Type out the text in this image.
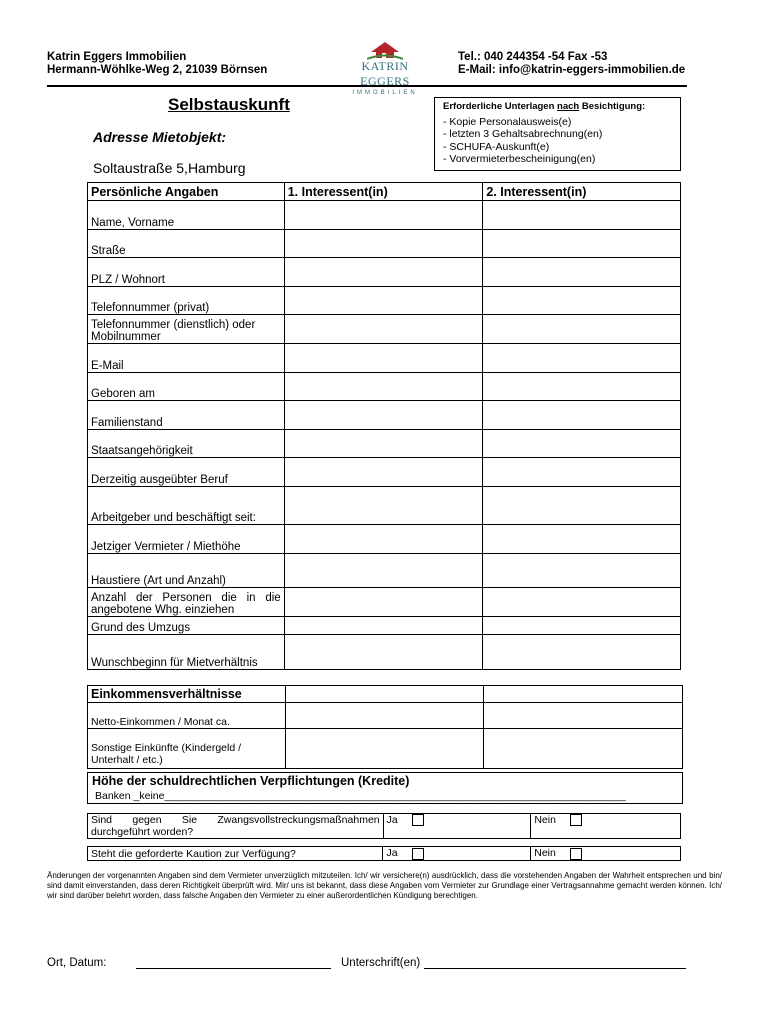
Katrin Eggers Immobilien
Hermann-Wöhlke-Weg 2, 21039 Börnsen	KATRIN EGGERS
IMMOBILIEN
Tel.: 040 244354 -54 Fax -53
E-Mail: info@katrin-eggers-immobilien.de
Selbstauskunft
Adresse Mietobjekt:
Soltaustraße 5,Hamburg
Erforderliche Unterlagen nach Besichtigung:
- Kopie Personalausweis(e)
- letzten 3 Gehaltsabrechnung(en)
- SCHUFA-Auskunft(e)
- Vorvermieterbescheinigung(en)
Persönliche Angaben	1. Interessent(in)	2. Interessent(in)
Name, Vorname		
Straße		
PLZ / Wohnort		
Telefonnummer (privat)		
Telefonnummer (dienstlich) oder Mobilnummer		
E-Mail		
Geboren am		
Familienstand		
Staatsangehörigkeit		
Derzeitig ausgeübter Beruf		
Arbeitgeber und beschäftigt seit:		
Jetziger Vermieter / Miethöhe		
Haustiere (Art und Anzahl)		
Anzahl der Personen die in die angebotene Whg. einziehen		
Grund des Umzugs		
Wunschbeginn für Mietverhältnis		
Einkommensverhältnisse		
Netto-Einkommen / Monat ca.		
Sonstige Einkünfte (Kindergeld / Unterhalt / etc.)		
Höhe der schuldrechtlichen Verpflichtungen (Kredite)
Banken _keine_______________________________________________________________________________
Sind gegen Sie Zwangsvollstreckungsmaßnahmen durchgeführt worden?	Ja	Nein
Steht die geforderte Kaution zur Verfügung?	Ja	Nein
Änderungen der vorgenannten Angaben sind dem Vermieter unverzüglich mitzuteilen. Ich/ wir versichere(n) ausdrücklich, dass die vorstehenden Angaben der Wahrheit entsprechen und bin/ sind damit einverstanden, dass deren Richtigkeit überprüft wird. Mir/ uns ist bekannt, dass diese Angaben vom Vermieter zur Grundlage einer Vertragsannahme gemacht werden können. Ich/ wir sind darüber belehrt worden, dass falsche Angaben den Vermieter zu einer außerordentlichen Kündigung berechtigen.
Ort, Datum:	Unterschrift(en)
